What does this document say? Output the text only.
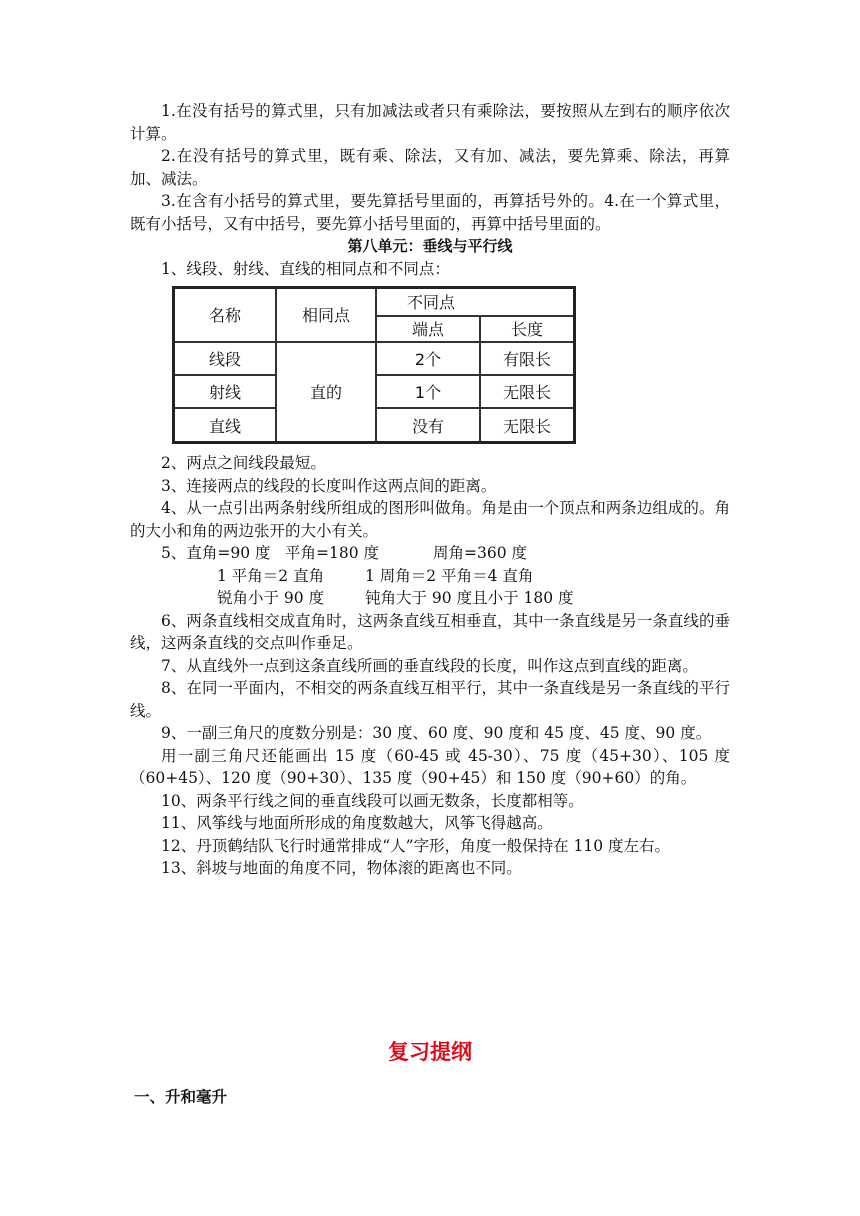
1.在没有括号的算式里，只有加减法或者只有乘除法，要按照从左到右的顺序依次计算。

2.在没有括号的算式里，既有乘、除法，又有加、减法，要先算乘、除法，再算加、减法。

3.在含有小括号的算式里，要先算括号里面的，再算括号外的。4.在一个算式里，既有小括号，又有中括号，要先算小括号里面的，再算中括号里面的。

第八单元：垂线与平行线

1、线段、射线、直线的相同点和不同点：

名称	相同点	不同点	
		端点	长度
线段	直的	2个	有限长
射线		1个	无限长
直线		没有	无限长

2、两点之间线段最短。

3、连接两点的线段的长度叫作这两点间的距离。

4、从一点引出两条射线所组成的图形叫做角。角是由一个顶点和两条边组成的。角的大小和角的两边张开的大小有关。

5、直角=90 度 平角=180 度	周角=360 度

1 平角＝2 直角	1 周角＝2 平角＝4 直角

锐角小于 90 度	钝角大于 90 度且小于 180 度

6、两条直线相交成直角时，这两条直线互相垂直，其中一条直线是另一条直线的垂线，这两条直线的交点叫作垂足。

7、从直线外一点到这条直线所画的垂直线段的长度，叫作这点到直线的距离。

8、在同一平面内，不相交的两条直线互相平行，其中一条直线是另一条直线的平行线。

9、一副三角尺的度数分别是：30 度、60 度、90 度和 45 度、45 度、90 度。

用一副三角尺还能画出 15 度（60-45 或 45-30）、75 度（45+30）、105 度（60+45）、120 度（90+30）、135 度（90+45）和 150 度（90+60）的角。

10、两条平行线之间的垂直线段可以画无数条，长度都相等。

11、风筝线与地面所形成的角度数越大，风筝飞得越高。

12、丹顶鹤结队飞行时通常排成“人”字形，角度一般保持在 110 度左右。

13、斜坡与地面的角度不同，物体滚的距离也不同。

复习提纲
一、升和毫升
